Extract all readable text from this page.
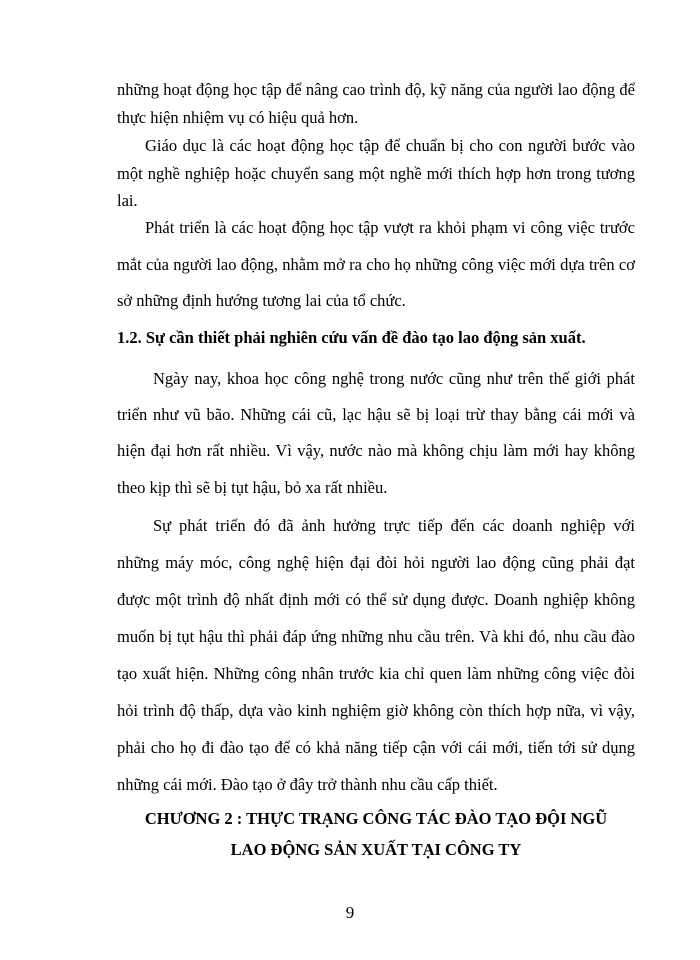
những hoạt động học tập để nâng cao trình độ, kỹ năng của người lao động để
thực hiện nhiệm vụ có hiệu quả hơn.
Giáo dục là các hoạt động học tập để chuẩn bị cho con người bước vào
một nghề nghiệp hoặc chuyển sang một nghề mới thích hợp hơn trong tương
lai.
Phát triển là các hoạt động học tập vượt ra khỏi phạm vi công việc trước
mắt của người lao động, nhằm mở ra cho họ những công việc mới dựa trên cơ
sở những định hướng tương lai của tổ chức.
1.2. Sự cần thiết phải nghiên cứu vấn đề đào tạo lao động sản xuất.
Ngày nay, khoa học công nghệ trong nước cũng như trên thế giới phát
triển như vũ bão. Những cái cũ, lạc hậu sẽ bị loại trừ thay bằng cái mới và
hiện đại hơn rất nhiều. Vì vậy, nước nào mà không chịu làm mới hay không
theo kịp thì sẽ bị tụt hậu, bỏ xa rất nhiều.
Sự phát triển đó đã ảnh hưởng trực tiếp đến các doanh nghiệp với
những máy móc, công nghệ hiện đại đòi hỏi người lao động cũng phải đạt
được một trình độ nhất định mới có thể sử dụng được. Doanh nghiệp không
muốn bị tụt hậu thì phải đáp ứng những nhu cầu trên. Và khi đó, nhu cầu đào
tạo xuất hiện. Những công nhân trước kia chỉ quen làm những công việc đòi
hỏi trình độ thấp, dựa vào kinh nghiệm giờ không còn thích hợp nữa, vì vậy,
phải cho họ đi đào tạo để có khả năng tiếp cận với cái mới, tiến tới sử dụng
những cái mới. Đào tạo ở đây trở thành nhu cầu cấp thiết.
CHƯƠNG 2 : THỰC TRẠNG CÔNG TÁC ĐÀO TẠO ĐỘI NGŨ
LAO ĐỘNG SẢN XUẤT TẠI CÔNG TY
9
